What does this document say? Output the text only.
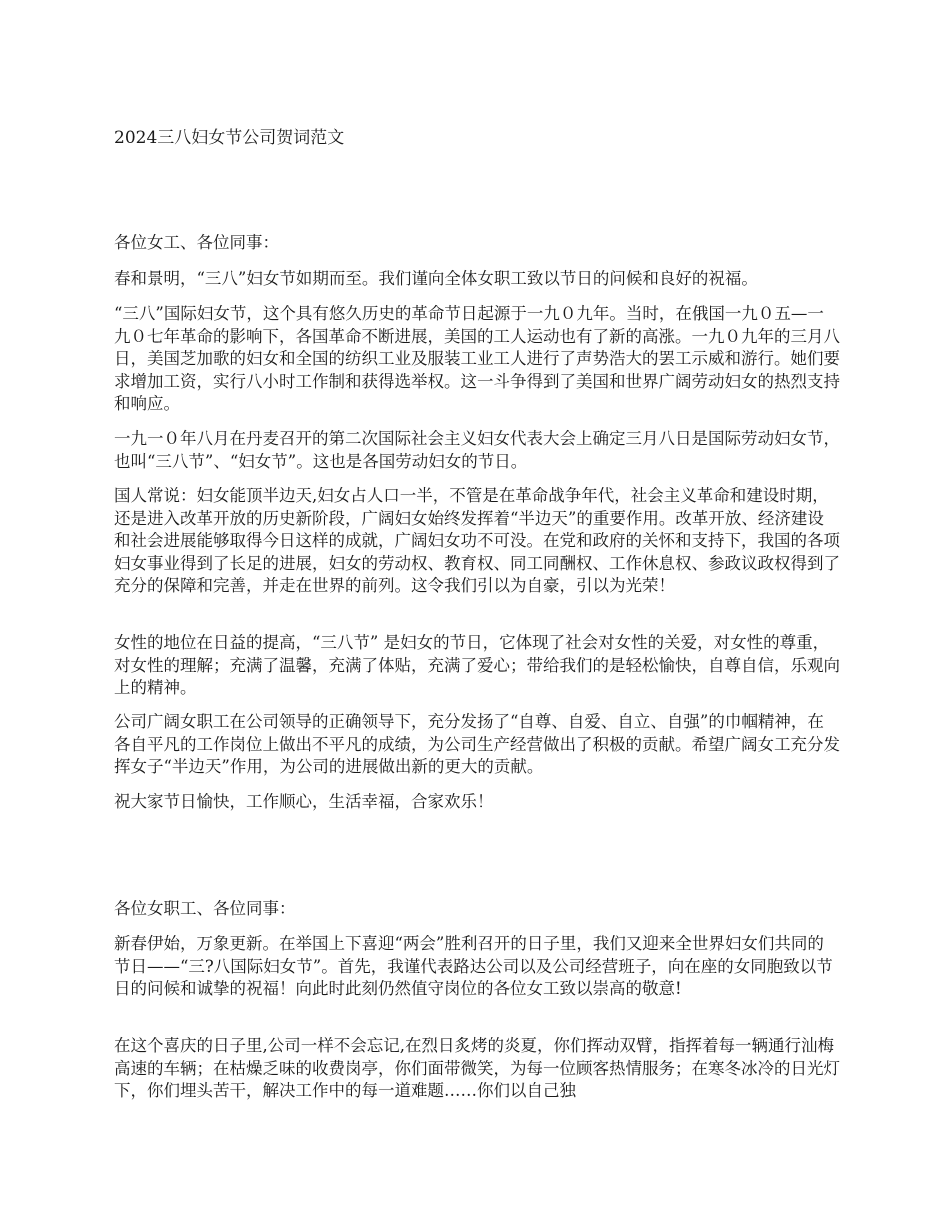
2024三八妇女节公司贺词范文

各位女工、各位同事：

春和景明，“三八”妇女节如期而至。我们谨向全体女职工致以节日的问候和良好的祝福。

“三八”国际妇女节，这个具有悠久历史的革命节日起源于一九０九年。当时，在俄国一九０五—一九０七年革命的影响下，各国革命不断进展，美国的工人运动也有了新的高涨。一九０九年的三月八日，美国芝加歌的妇女和全国的纺织工业及服装工业工人进行了声势浩大的罢工示威和游行。她们要求增加工资，实行八小时工作制和获得选举权。这一斗争得到了美国和世界广阔劳动妇女的热烈支持和响应。

一九一０年八月在丹麦召开的第二次国际社会主义妇女代表大会上确定三月八日是国际劳动妇女节，也叫“三八节”、“妇女节”。这也是各国劳动妇女的节日。

国人常说：妇女能顶半边天,妇女占人口一半，不管是在革命战争年代，社会主义革命和建设时期，还是进入改革开放的历史新阶段，广阔妇女始终发挥着“半边天”的重要作用。改革开放、经济建设和社会进展能够取得今日这样的成就，广阔妇女功不可没。在党和政府的关怀和支持下，我国的各项妇女事业得到了长足的进展，妇女的劳动权、教育权、同工同酬权、工作休息权、参政议政权得到了充分的保障和完善，并走在世界的前列。这令我们引以为自豪，引以为光荣！

女性的地位在日益的提高，“三八节” 是妇女的节日，它体现了社会对女性的关爱，对女性的尊重，对女性的理解；充满了温馨，充满了体贴，充满了爱心；带给我们的是轻松愉快，自尊自信，乐观向上的精神。

公司广阔女职工在公司领导的正确领导下，充分发扬了“自尊、自爱、自立、自强”的巾帼精神，在各自平凡的工作岗位上做出不平凡的成绩，为公司生产经营做出了积极的贡献。希望广阔女工充分发挥女子“半边天”作用，为公司的进展做出新的更大的贡献。

祝大家节日愉快，工作顺心，生活幸福，合家欢乐！

各位女职工、各位同事：

新春伊始，万象更新。在举国上下喜迎“两会”胜利召开的日子里，我们又迎来全世界妇女们共同的节日——“三?八国际妇女节”。首先，我谨代表路达公司以及公司经营班子，向在座的女同胞致以节日的问候和诚挚的祝福！向此时此刻仍然值守岗位的各位女工致以崇高的敬意!

在这个喜庆的日子里,公司一样不会忘记,在烈日炙烤的炎夏，你们挥动双臂，指挥着每一辆通行汕梅高速的车辆；在枯燥乏味的收费岗亭，你们面带微笑，为每一位顾客热情服务；在寒冬冰冷的日光灯下，你们埋头苦干，解决工作中的每一道难题……你们以自己独
